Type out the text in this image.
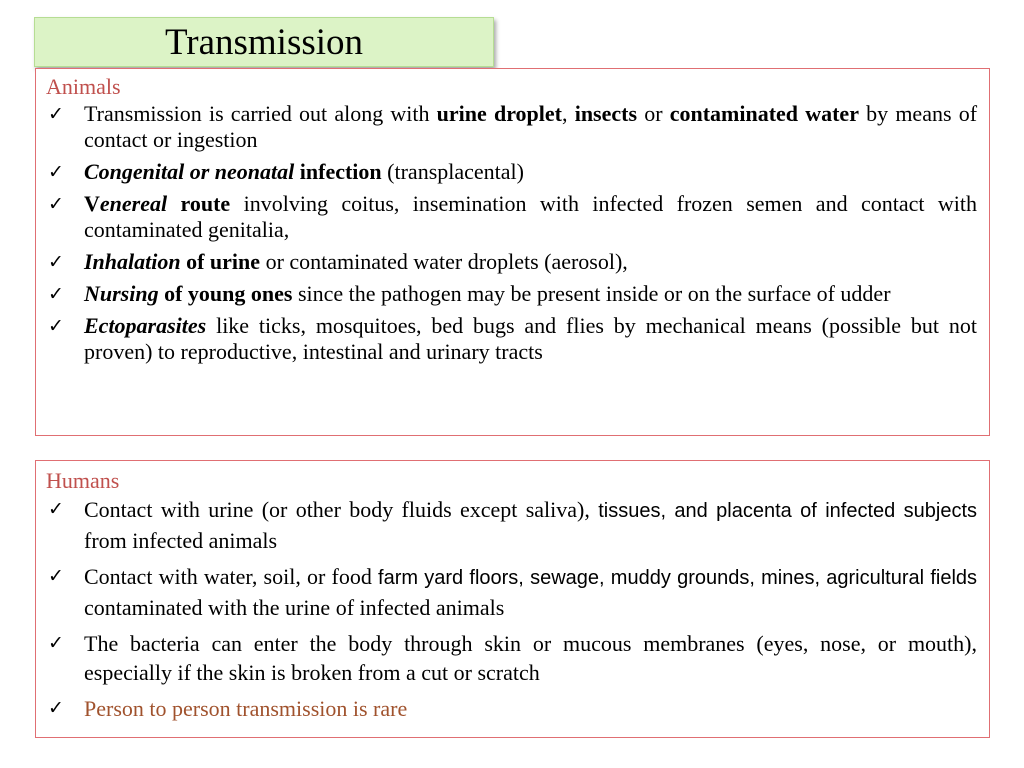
Transmission
Animals
✓ Transmission is carried out along with urine droplet, insects or contaminated water by means of contact or ingestion
✓ Congenital or neonatal infection (transplacental)
✓ Venereal route involving coitus, insemination with infected frozen semen and contact with contaminated genitalia,
✓ Inhalation of urine or contaminated water droplets (aerosol),
✓ Nursing of young ones since the pathogen may be present inside or on the surface of udder
✓ Ectoparasites like ticks, mosquitoes, bed bugs and flies by mechanical means (possible but not proven) to reproductive, intestinal and urinary tracts
Humans
✓ Contact with urine (or other body fluids except saliva), tissues, and placenta of infected subjects from infected animals
✓ Contact with water, soil, or food farm yard floors, sewage, muddy grounds, mines, agricultural fields contaminated with the urine of infected animals
✓ The bacteria can enter the body through skin or mucous membranes (eyes, nose, or mouth), especially if the skin is broken from a cut or scratch
✓ Person to person transmission is rare
